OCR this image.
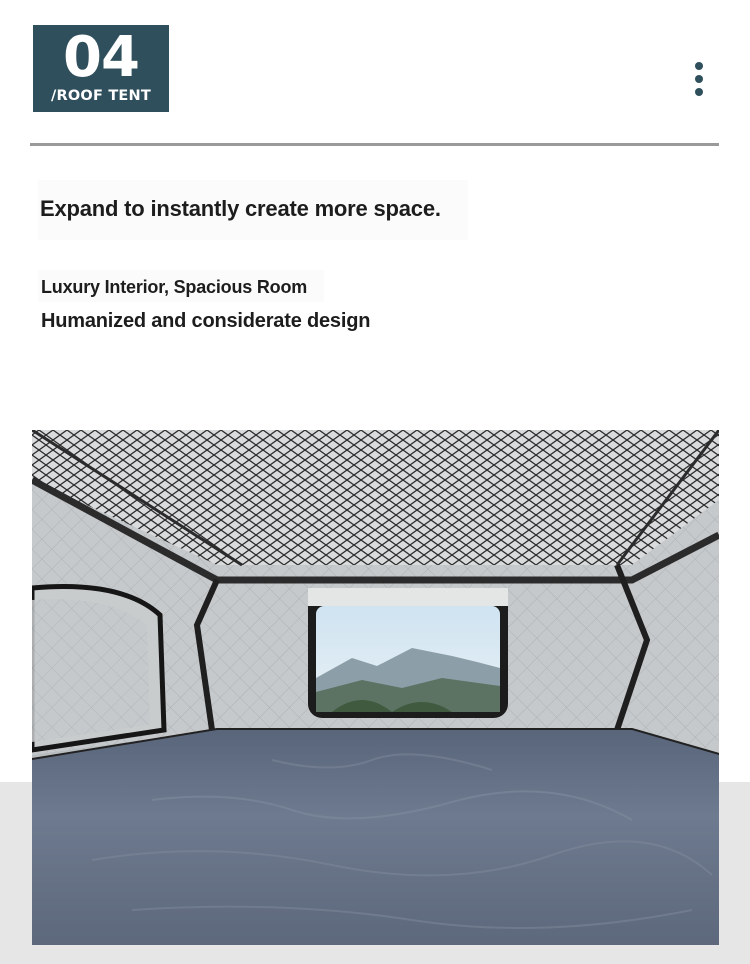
04
/ROOF TENT
Expand to instantly create more space.
Luxury Interior, Spacious Room
Humanized and considerate design
